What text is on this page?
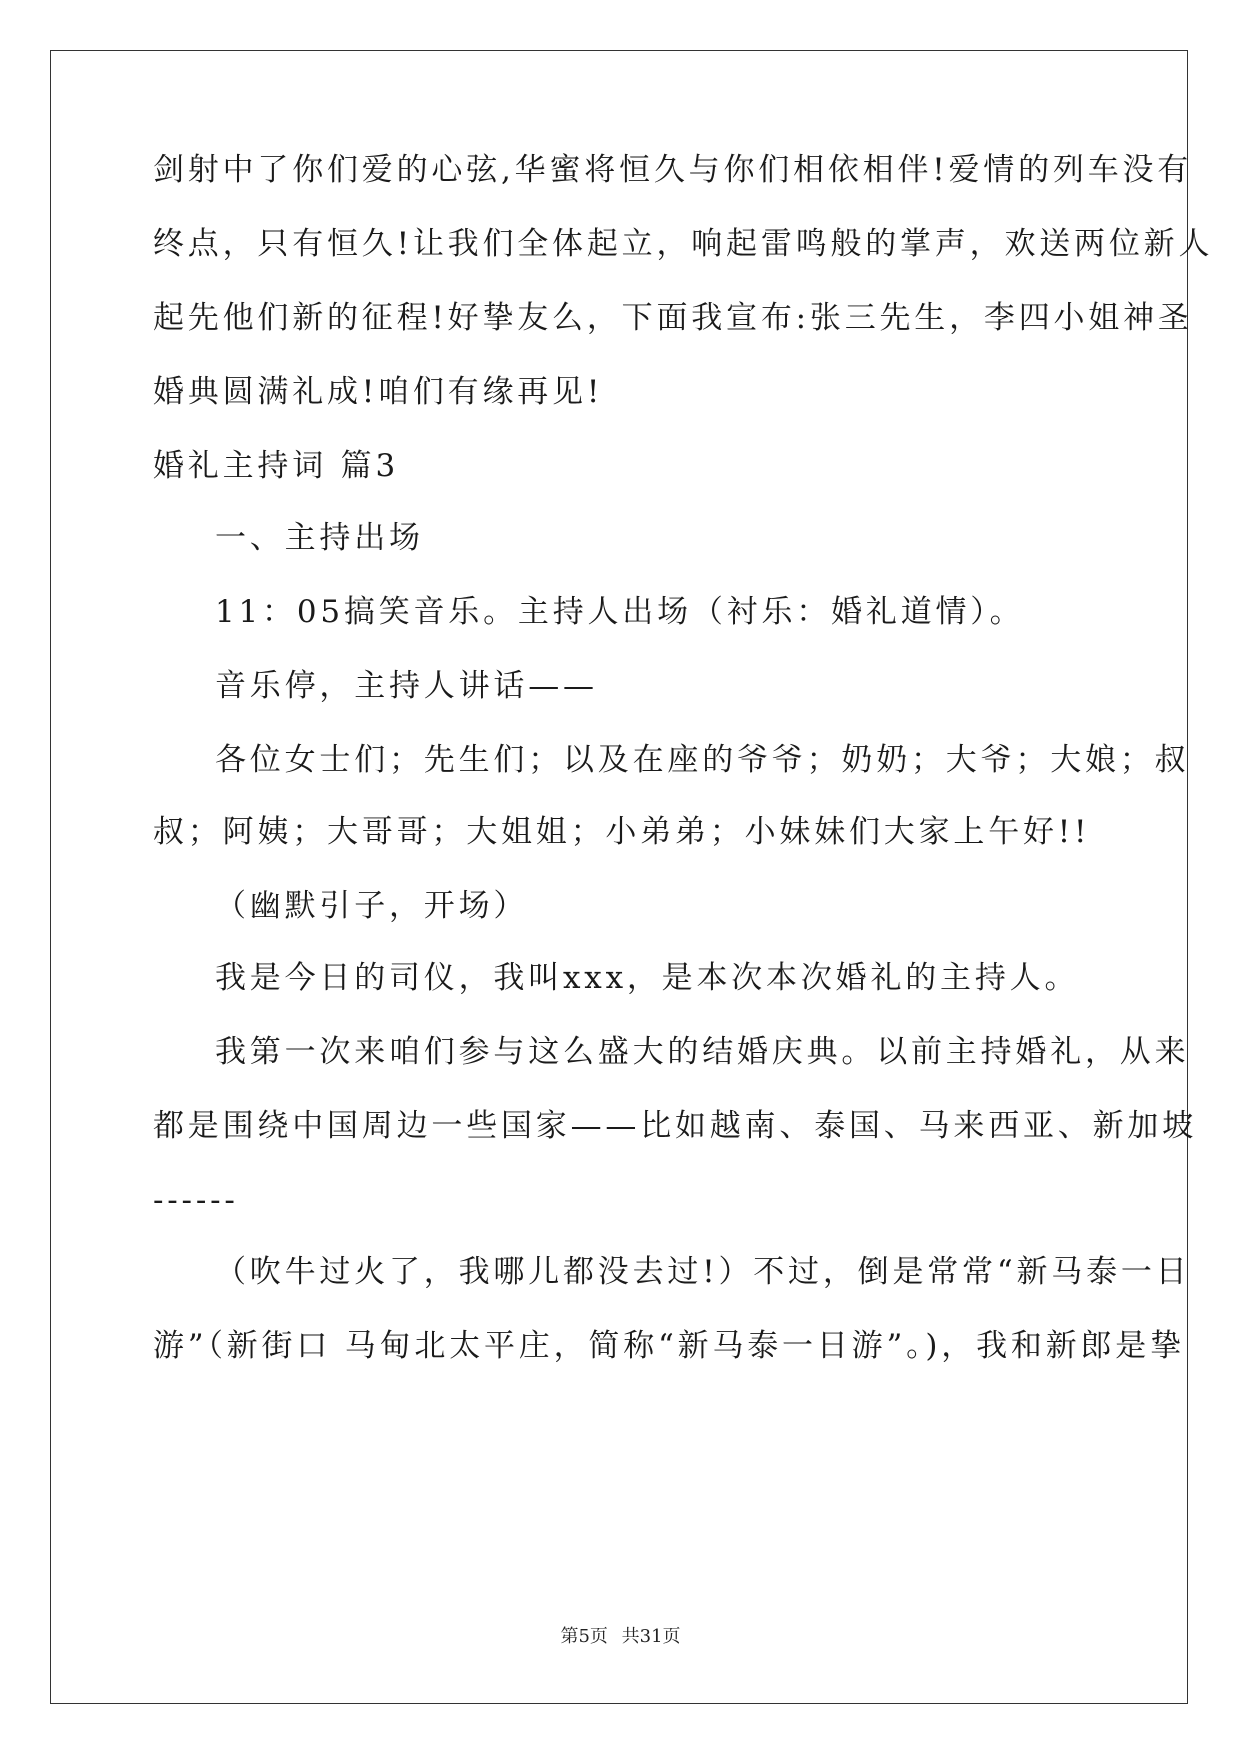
剑射中了你们爱的心弦,华蜜将恒久与你们相依相伴!爱情的列车没有
终点，只有恒久!让我们全体起立，响起雷鸣般的掌声，欢送两位新人
起先他们新的征程!好挚友么，下面我宣布:张三先生，李四小姐神圣
婚典圆满礼成!咱们有缘再见!
婚礼主持词 篇3
一、主持出场
11：05搞笑音乐。主持人出场（衬乐：婚礼道情）。
音乐停，主持人讲话——
各位女士们；先生们；以及在座的爷爷；奶奶；大爷；大娘；叔
叔；阿姨；大哥哥；大姐姐；小弟弟；小妹妹们大家上午好!!
（幽默引子，开场）
我是今日的司仪，我叫xxx，是本次本次婚礼的主持人。
我第一次来咱们参与这么盛大的结婚庆典。以前主持婚礼，从来
都是围绕中国周边一些国家——比如越南、泰国、马来西亚、新加坡
------
（吹牛过火了，我哪儿都没去过!）不过，倒是常常“新马泰一日
游”（新街口 马甸北太平庄，简称“新马泰一日游”。)，我和新郎是挚
第5页 共31页
